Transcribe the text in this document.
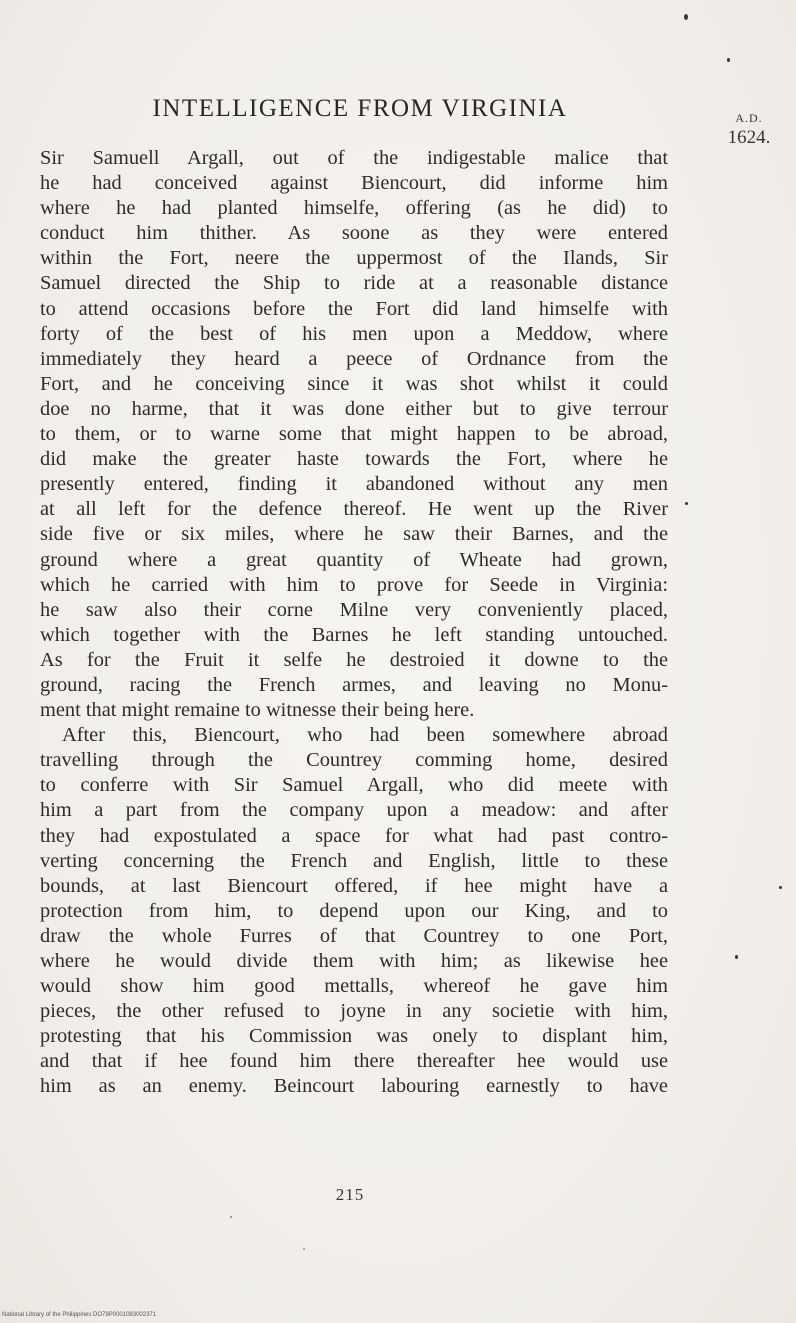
INTELLIGENCE FROM VIRGINIA	A.D.
1624.
Sir Samuell Argall, out of the indigestable malice that
he had conceived against Biencourt, did informe him
where he had planted himselfe, offering (as he did) to
conduct him thither. As soone as they were entered
within the Fort, neere the uppermost of the Ilands, Sir
Samuel directed the Ship to ride at a reasonable distance
to attend occasions before the Fort did land himselfe with
forty of the best of his men upon a Meddow, where
immediately they heard a peece of Ordnance from the
Fort, and he conceiving since it was shot whilst it could
doe no harme, that it was done either but to give terrour
to them, or to warne some that might happen to be abroad,
did make the greater haste towards the Fort, where he
presently entered, finding it abandoned without any men
at all left for the defence thereof. He went up the River
side five or six miles, where he saw their Barnes, and the
ground where a great quantity of Wheate had grown,
which he carried with him to prove for Seede in Virginia:
he saw also their corne Milne very conveniently placed,
which together with the Barnes he left standing untouched.
As for the Fruit it selfe he destroied it downe to the
ground, racing the French armes, and leaving no Monu-
ment that might remaine to witnesse their being here.
After this, Biencourt, who had been somewhere abroad
travelling through the Countrey comming home, desired
to conferre with Sir Samuel Argall, who did meete with
him a part from the company upon a meadow: and after
they had expostulated a space for what had past contro-
verting concerning the French and English, little to these
bounds, at last Biencourt offered, if hee might have a
protection from him, to depend upon our King, and to
draw the whole Furres of that Countrey to one Port,
where he would divide them with him; as likewise hee
would show him good mettalls, whereof he gave him
pieces, the other refused to joyne in any societie with him,
protesting that his Commission was onely to displant him,
and that if hee found him there thereafter hee would use
him as an enemy. Beincourt labouring earnestly to have
215
National Library of the Philippines DO79P0001083002371
